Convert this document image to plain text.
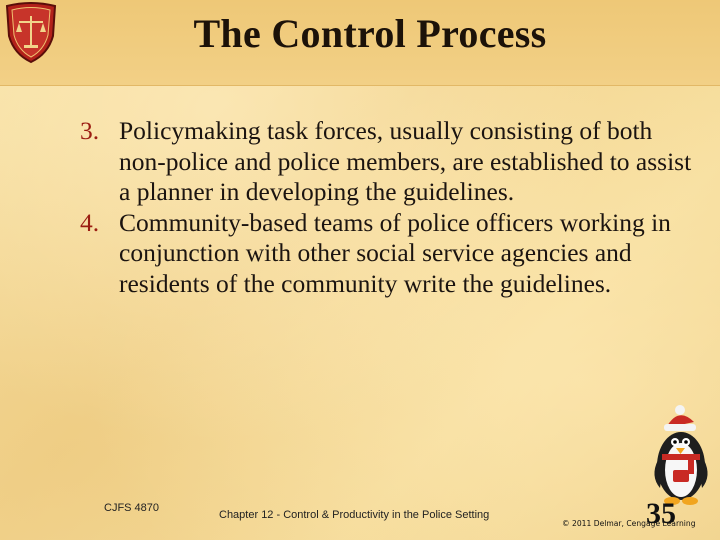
The Control Process
3. Policymaking task forces, usually consisting of both non-police and police members, are established to assist a planner in developing the guidelines.
4. Community-based teams of police officers working in conjunction with other social service agencies and residents of the community write the guidelines.
CJFS 4870
Chapter 12 - Control & Productivity in the Police Setting	35
© 2011 Delmar, Cengage Learning
